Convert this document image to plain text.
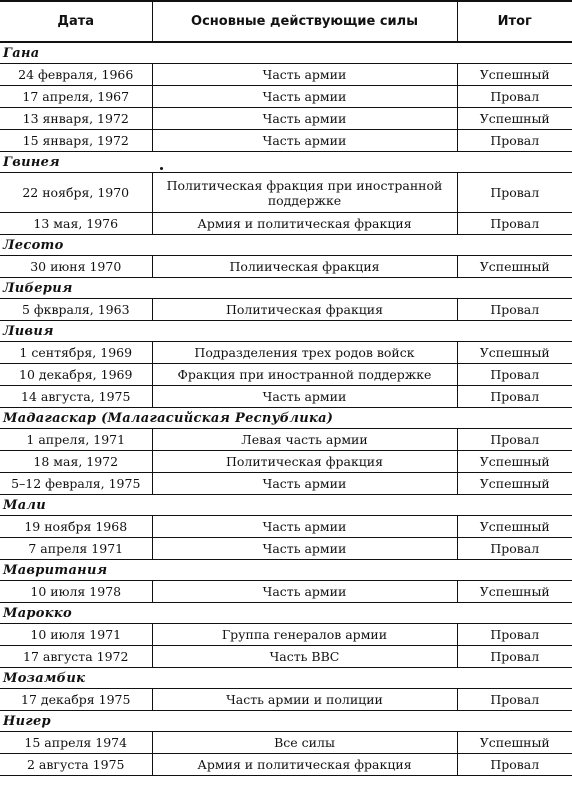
Дата	Основные действующие силы	Итог
Гана		
24 февраля, 1966	Часть армии	Успешный
17 апреля, 1967	Часть армии	Провал
13 января, 1972	Часть армии	Успешный
15 января, 1972	Часть армии	Провал
Гвинея		
22 ноября, 1970	Политическая фракция при иностранной поддержке	Провал
13 мая, 1976	Армия и политическая фракция	Провал
Лесото		
30 июня 1970	Полиическая фракция	Успешный
Либерия		
5 фквраля, 1963	Политическая фракция	Провал
Ливия		
1 сентября, 1969	Подразделения трех родов войск	Успешный
10 декабря, 1969	Фракция при иностранной поддержке	Провал
14 августа, 1975	Часть армии	Провал
Мадагаскар (Малагасийская Республика)		
1 апреля, 1971	Левая часть армии	Провал
18 мая, 1972	Политическая фракция	Успешный
5–12 февраля, 1975	Часть армии	Успешный
Мали		
19 ноября 1968	Часть армии	Успешный
7 апреля 1971	Часть армии	Провал
Мавритания		
10 июля 1978	Часть армии	Успешный
Марокко		
10 июля 1971	Группа генералов армии	Провал
17 августа 1972	Часть ВВС	Провал
Мозамбик		
17 декабря 1975	Часть армии и полиции	Провал
Нигер		
15 апреля 1974	Все силы	Успешный
2 августа 1975	Армия и политическая фракция	Провал
